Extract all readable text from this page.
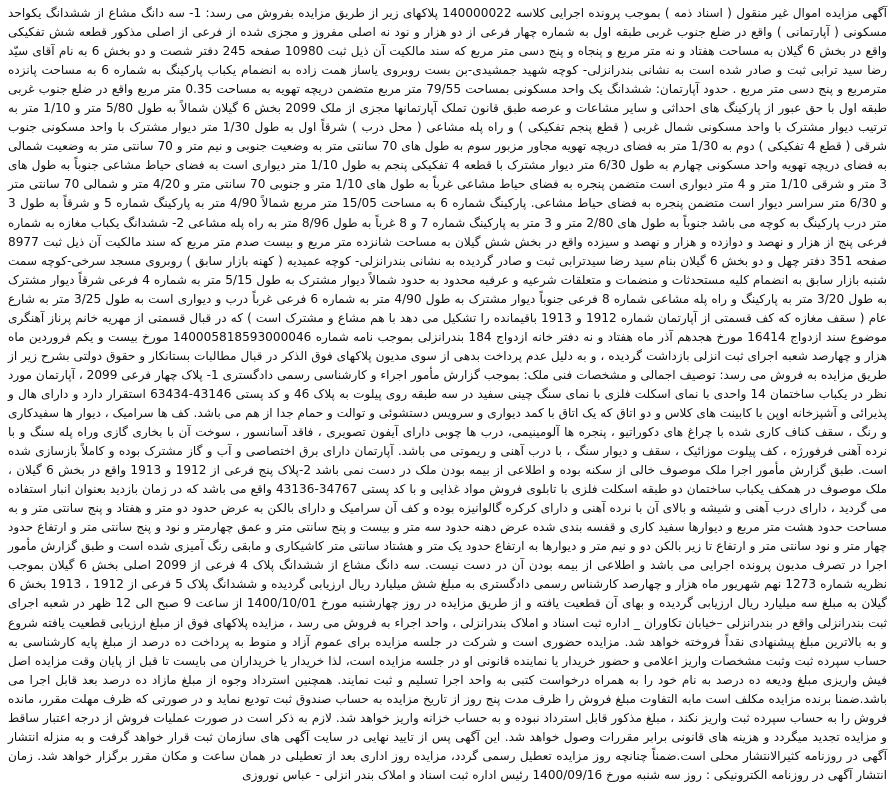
آگهی مزایده اموال غیر منقول ( اسناد ذمه ) بموجب پرونده اجرایی کلاسه 140000022 پلاکهای زیر از طریق مزایده بفروش می رسد: 1- سه دانگ مشاع از ششدانگ یکواحد مسکونی ( آپارتمانی ) واقع در ضلع جنوب غربی طبقه اول به شماره چهار فرعی از دو هزار و نود نه اصلی مفروز و مجزی شده از فرعی از اصلی مذکور قطعه شش تفکیکی واقع در بخش 6 گیلان به مساحت هفتاد و نه متر مربع و پنجاه و پنج دسی متر مربع که سند مالکیت آن ذیل ثبت 10980 صفحه 245 دفتر شصت و دو بخش 6 به نام آقای سیّد رضا سید ترابی ثبت و صادر شده است به نشانی بندرانزلی- کوچه شهید جمشیدی-بن بست روبروی یاساز همت زاده به انضمام یکباب پارکینگ به شماره 6 به مساحت پانزده مترمربع و پنج دسی متر مربع . حدود آپارتمان: ششدانگ یک واحد مسکونی بمساحت 79/55 متر مربع متضمن دریچه تهویه به مساحت 0.35 متر مربع واقع در ضلع جنوب غربی طبقه اول با حق عبور از پارکینگ های احداثی و سایر مشاعات و عرصه طبق قانون تملک آپارتمانها مجزی از ملک 2099 بخش 6 گیلان شمالاً به طول 5/80 متر و 1/10 متر به ترتیب دیوار مشترک با واحد مسکونی شمال غربی ( قطع پنجم تفکیکی ) و راه پله مشاعی ( محل درب ) شرقاً اول به طول 1/30 متر دیوار مشترک با واحد مسکونی جنوب شرقی ( قطع 4 تفکیکی ) دوم به 1/30 متر به فضای دریچه تهویه مجاور مزبور سوم به طول های 70 سانتی متر به وضعیت جنوبی و نیم متر و 70 سانتی متر به وضعیت شمالی به فضای دریچه تهویه واحد مسکونی چهارم به طول 6/30 متر دیوار مشترک با قطعه 4 تفکیکی پنجم به طول 1/10 متر دیواری است به فضای حیاط مشاعی جنوباً به طول های 3 متر و شرقی 1/10 متر و 4 متر دیواری است متضمن پنجره به فضای حیاط مشاعی غرباً به طول های 1/10 متر و جنوبی 70 سانتی متر و 4/20 متر و شمالی 70 سانتی متر و 6/30 متر سراسر دیوار است متضمن پنجره به فضای حیاط مشاعی. پارکینگ شماره 6 به مساحت 15/05 متر مربع شمالاً 4/90 متر به پارکینگ شماره 5 و شرقاً به طول 3 متر درب پارکینگ به کوچه می باشد جنوباً به طول های 2/80 متر و 3 متر به پارکینگ شماره 7 و 8 غرباً به طول 8/96 متر به راه پله مشاعی 2- ششدانگ یکباب مغازه به شماره فرعی پنج از هزار و نهصد و دوازده و هزار و نهصد و سیزده واقع در بخش شش گیلان به مساحت شانزده متر مربع و بیست صدم متر مربع که سند مالکیت آن ذیل ثبت 8977 صفحه 351 دفتر چهل و دو بخش 6 گیلان بنام سید رضا سیدترابی ثبت و صادر گردیده به نشانی بندرانزلی- کوچه عمیدیه ( کهنه بازار سابق ) روبروی مسجد سرخی-کوچه سمت شنبه بازار سابق به انضمام کلیه مستحدثات و منضمات و متعلقات شرعیه و عرفیه محدود به حدود شمالاً دیوار مشترک به طول 5/15 متر به شماره 4 فرعی شرقاً دیوار مشترک به طول 3/20 متر به پارکینگ و راه پله مشاعی شماره 8 فرعی جنوباً دیوار مشترک به طول 4/90 متر به شماره 6 فرعی غرباً درب و دیواری است به طول 3/25 متر به شارع عام ( سقف مغازه که کف قسمتی از آپارتمان شماره 1912 و 1913 باقیمانده را تشکیل می دهد با هم مشاع و مشترک است ) که در قبال قسمتی از مهریه خانم پرناز آهنگری موضوع سند ازدواج 16414 مورخ هجدهم آذر ماه هفتاد و نه دفتر خانه ازدواج 184 بندرانزلی بموجب نامه شماره 140005818593000046 مورخ بیست و یکم فروردین ماه هزار و چهارصد شعبه اجرای ثبت انزلی بازداشت گردیده ، و به دلیل عدم پرداخت بدهی از سوی مدیون پلاکهای فوق الذکر در قبال مطالبات بستانکار و حقوق دولتی بشرح زیر از طریق مزایده به فروش می رسد: توصیف اجمالی و مشخصات فنی ملک: بموجب گزارش مأمور اجراء و کارشناسی رسمی دادگستری 1- پلاک چهار فرعی 2099 ، آپارتمان مورد نظر در یکباب ساختمان 14 واحدی با نمای اسکلت فلزی با نمای سنگ چینی سفید در سه طبقه روی پیلوت به پلاک 46 و کد پستی 43146-63434 استقرار دارد و دارای هال و پذیرائی و آشپزخانه اوپن با کابینت های کلاس و دو اتاق که یک اتاق با کمد دیواری و سرویس دستشوئی و توالت و حمام جدا از هم می باشد. کف ها سرامیک ، دیوار ها سفیدکاری و رنگ ، سقف کناف کاری شده با چراغ های دکوراتیو ، پنجره ها آلومینیمی، درب ها چوبی دارای آیفون تصویری ، فاقد آسانسور ، سوخت آن با بخاری گازی وراه پله سنگ و با نرده آهنی فرفورژه ، کف پیلوت موزائیک ، سقف و دیوار سنگ ، با درب آهنی و ریموتی می باشد. آپارتمان دارای برق اختصاصی و آب و گاز مشترک بوده و کاملاً بازسازی شده است. طبق گزارش مأمور اجرا ملک موصوف خالی از سکنه بوده و اطلاعی از بیمه بودن ملک در دست نمی باشد 2-پلاک پنج فرعی از 1912 و 1913 واقع در بخش 6 گیلان ، ملک موصوف در همکف یکباب ساختمان دو طبقه اسکلت فلزی با تابلوی فروش مواد غذایی و با کد پستی 34767-43136 واقع می باشد که در زمان بازدید بعنوان انبار استفاده می گردید ، دارای درب آهنی و شیشه و بالای آن با نرده آهنی و دارای کرکره گالوانیزه بوده و کف آن سرامیک و دارای بالکن به عرض حدود دو متر و هفتاد و پنج سانتی متر و به مساحت حدود هشت متر مربع و دیوارها سفید کاری و قفسه بندی شده عرض دهنه حدود سه متر و بیست و پنج سانتی متر و عمق چهارمتر و نود و پنج سانتی متر و ارتفاع حدود چهار متر و نود سانتی متر و ارتفاع تا زیر بالکن دو و نیم متر و دیوارها به ارتفاع حدود یک متر و هشتاد سانتی متر کاشیکاری و مابقی رنگ آمیزی شده است و طبق گزارش مأمور اجرا در تصرف مدیون پرونده اجرایی می باشد و اطلاعی از بیمه بودن آن در دست نیست. سه دانگ مشاع از ششدانگ پلاک 4 فرعی از 2099 اصلی بخش 6 گیلان بموجب نظریه شماره 1273 نهم شهریور ماه هزار و چهارصد کارشناس رسمی دادگستری به مبلغ شش میلیارد ریال ارزیابی گردیده و ششدانگ پلاک 5 فرعی از 1912 ، 1913 بخش 6 گیلان به مبلغ سه میلیارد ریال ارزیابی گردیده و بهای آن قطعیت یافته و از طریق مزایده در روز چهارشنبه مورخ 1400/10/01 از ساعت 9 صبح الی 12 ظهر در شعبه اجرای ثبت بندرانزلی واقع در بندرانزلی –خیابان تکاوران _ اداره ثبت اسناد و املاک بندرانزلی ، واحد اجراء به فروش می رسد ، مزایده پلاکهای فوق از مبلغ ارزیابی قطعیت یافته شروع و به بالاترین مبلغ پیشنهادی نقداً فروخته خواهد شد. مزایده حضوری است و شرکت در جلسه مزایده برای عموم آزاد و منوط به پرداخت ده درصد از مبلغ پایه کارشناسی به حساب سپرده ثبت وثبت مشخصات واریز اعلامی و حضور خریدار یا نماینده قانونی او در جلسه مزایده است، لذا خریدار یا خریداران می بایست تا قبل از پایان وقت مزایده اصل فیش واریزی مبلغ ودیعه ده درصد به نام خود را به همراه درخواست کتبی به واحد اجرا تسلیم و ثبت نمایند. همچنین استرداد وجوه از مبلغ مازاد ده درصد بعد قابل اجرا می باشد.ضمنا برنده مزایده مکلف است مابه التفاوت مبلغ فروش را ظرف مدت پنج روز از تاریخ مزایده به حساب صندوق ثبت تودیع نماید و در صورتی که ظرف مهلت مقرر، مانده فروش را به حساب سپرده ثبت واریز نکند ، مبلغ مذکور قابل استرداد نبوده و به حساب خزانه واریز خواهد شد. لازم به ذکر است در صورت عملیات فروش از درجه اعتبار ساقط و مزایده تجدید میگردد و هزینه های قانونی برابر مقررات وصول خواهد شد. این آگهی پس از تایید نهایی در سایت آگهی های سازمان ثبت قرار خواهد گرفت و به منزله انتشار آگهی در روزنامه کثیرالانتشار محلی است.ضمناً چنانچه روز مزایده تعطیل رسمی گردد، مزایده روز اداری بعد از تعطیلی در همان ساعت و مکان مقرر برگزار خواهد شد. زمان انتشار آگهی در روزنامه الکترونیکی : روز سه شنبه مورخ 1400/09/16 رئیس اداره ثبت اسناد و املاک بندر انزلی - عباس نوروزی
